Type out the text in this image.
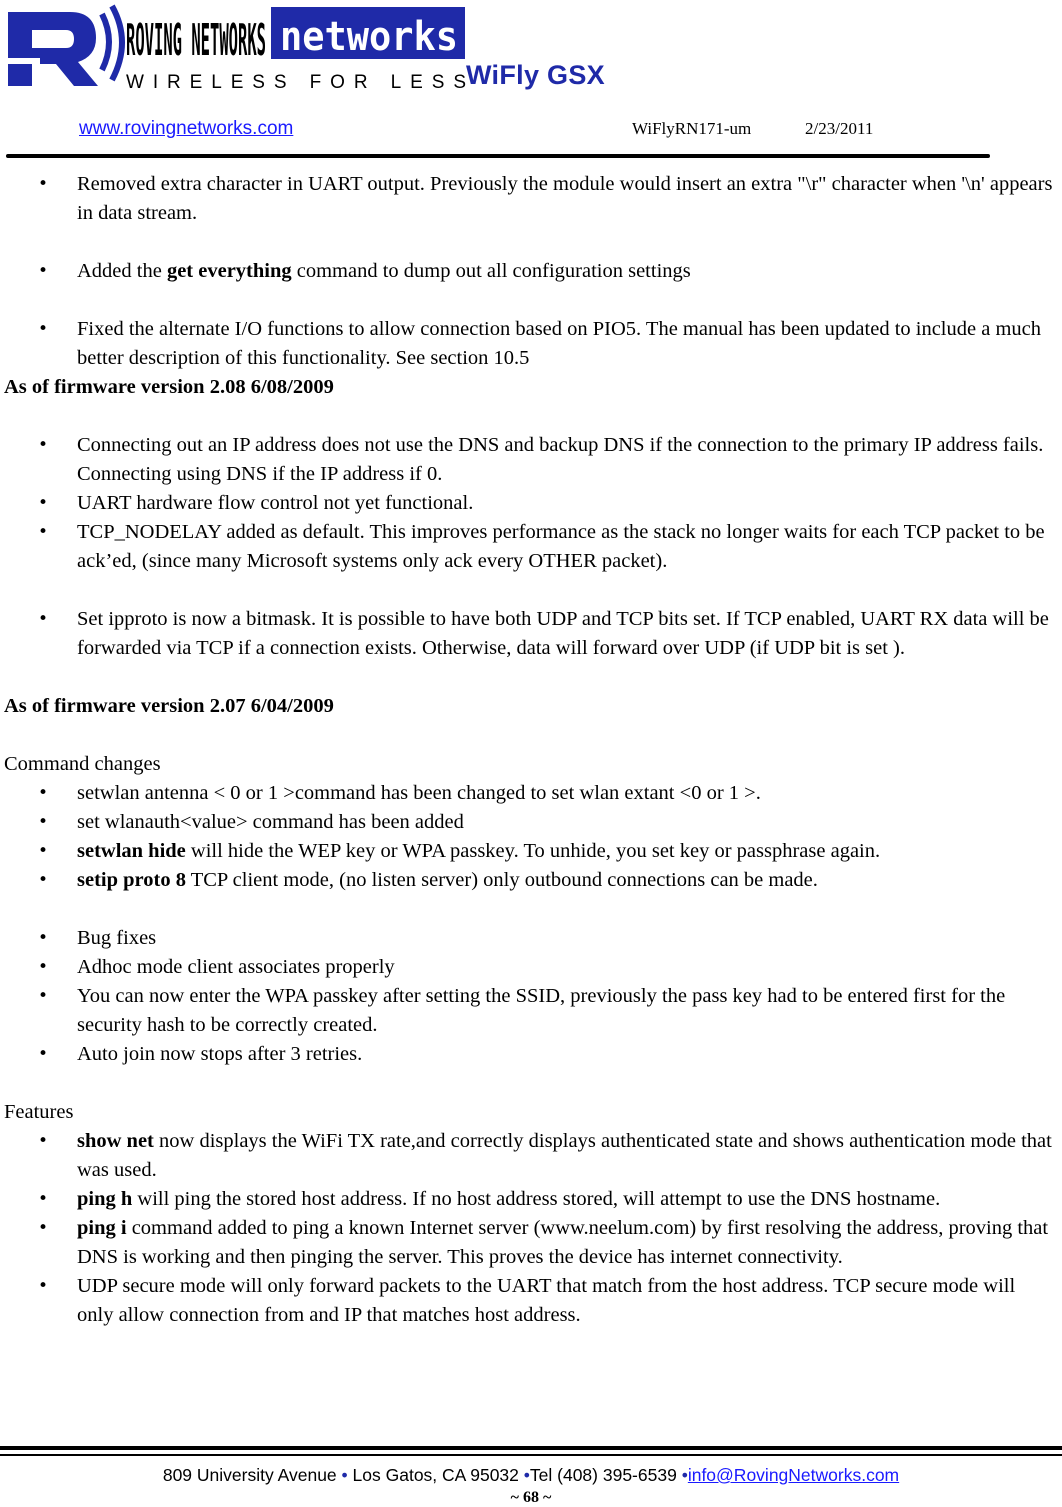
ROVING NETWORKS networks
WIRELESS FOR LESS WiFly GSX
www.rovingnetworks.com	WiFlyRN171-um	2/23/2011
• Removed extra character in UART output. Previously the module would insert an extra "\r" character when '\n' appears in data stream.
• Added the get everything command to dump out all configuration settings
• Fixed the alternate I/O functions to allow connection based on PIO5. The manual has been updated to include a much better description of this functionality. See section 10.5
As of firmware version 2.08 6/08/2009
• Connecting out an IP address does not use the DNS and backup DNS if the connection to the primary IP address fails. Connecting using DNS if the IP address if 0.
• UART hardware flow control not yet functional.
• TCP_NODELAY added as default. This improves performance as the stack no longer waits for each TCP packet to be ack’ed, (since many Microsoft systems only ack every OTHER packet).
• Set ipproto is now a bitmask. It is possible to have both UDP and TCP bits set. If TCP enabled, UART RX data will be forwarded via TCP if a connection exists. Otherwise, data will forward over UDP (if UDP bit is set ).
As of firmware version 2.07 6/04/2009
Command changes
• setwlan antenna < 0 or 1 >command has been changed to set wlan extant <0 or 1 >.
• set wlanauth<value> command has been added
• setwlan hide will hide the WEP key or WPA passkey. To unhide, you set key or passphrase again.
• setip proto 8 TCP client mode, (no listen server) only outbound connections can be made.
• Bug fixes
• Adhoc mode client associates properly
• You can now enter the WPA passkey after setting the SSID, previously the pass key had to be entered first for the security hash to be correctly created.
• Auto join now stops after 3 retries.
Features
• show net now displays the WiFi TX rate,and correctly displays authenticated state and shows authentication mode that was used.
• ping h will ping the stored host address. If no host address stored, will attempt to use the DNS hostname.
• ping i command added to ping a known Internet server (www.neelum.com) by first resolving the address, proving that DNS is working and then pinging the server. This proves the device has internet connectivity.
• UDP secure mode will only forward packets to the UART that match from the host address. TCP secure mode will only allow connection from and IP that matches host address.
809 University Avenue • Los Gatos, CA 95032 •Tel (408) 395-6539 •info@RovingNetworks.com
~ 68 ~
